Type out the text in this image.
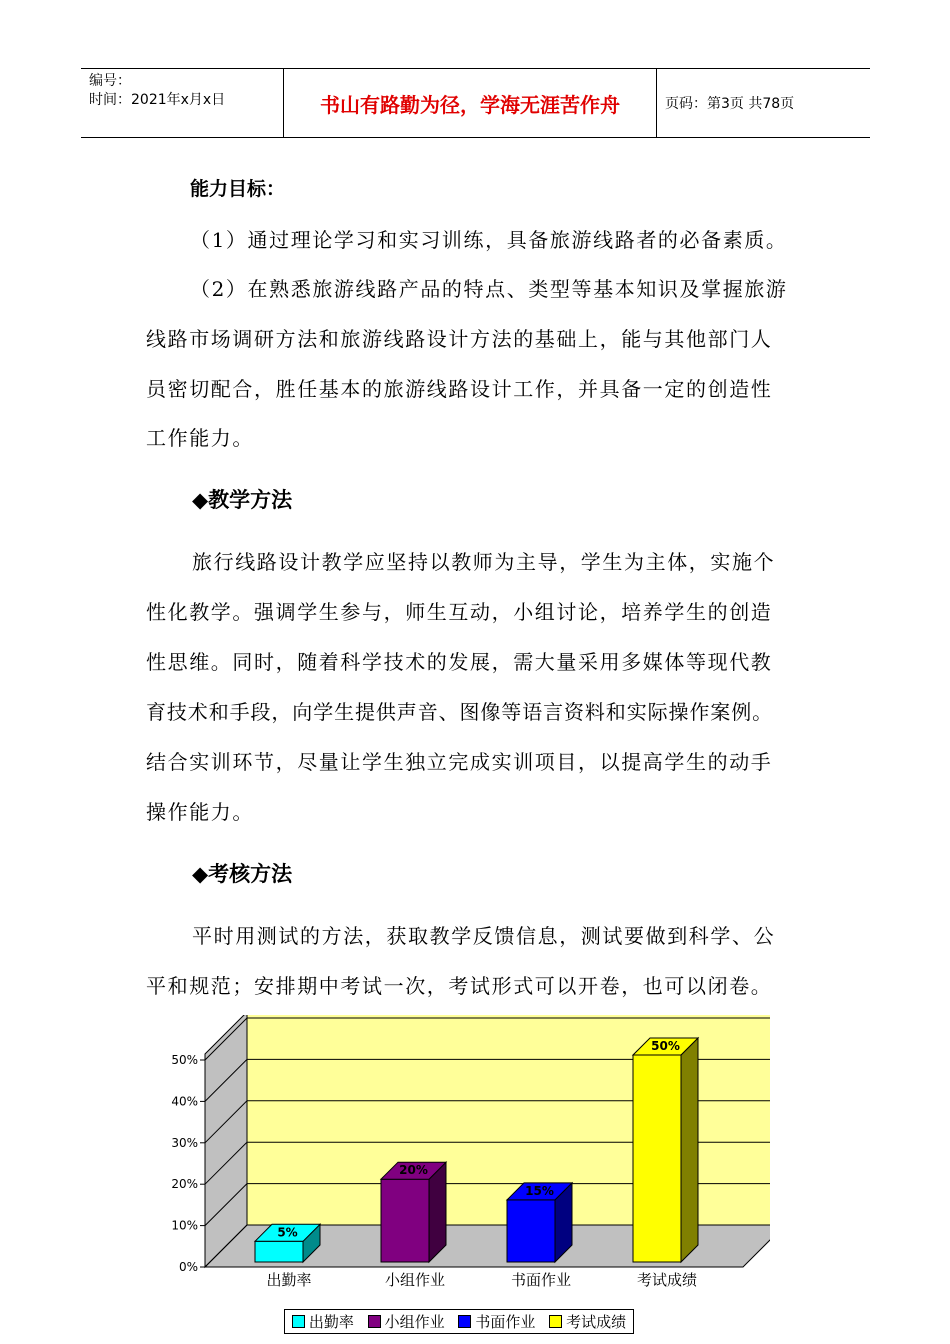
编号：
时间：2021年x月x日	书山有路勤为径，学海无涯苦作舟	页码：第3页 共78页
能力目标：
（1）通过理论学习和实习训练，具备旅游线路者的必备素质。
（2）在熟悉旅游线路产品的特点、类型等基本知识及掌握旅游
线路市场调研方法和旅游线路设计方法的基础上，能与其他部门人
员密切配合，胜任基本的旅游线路设计工作，并具备一定的创造性
工作能力。
◆教学方法
旅行线路设计教学应坚持以教师为主导，学生为主体，实施个
性化教学。强调学生参与，师生互动，小组讨论，培养学生的创造
性思维。同时，随着科学技术的发展，需大量采用多媒体等现代教
育技术和手段，向学生提供声音、图像等语言资料和实际操作案例。
结合实训环节，尽量让学生独立完成实训项目，以提高学生的动手
操作能力。
◆考核方法
平时用测试的方法，获取教学反馈信息，测试要做到科学、公
平和规范；安排期中考试一次，考试形式可以开卷，也可以闭卷。
0%
10%
20%
30%
40%
50%
5%
出勤率
20%
小组作业
15%
书面作业
50%
考试成绩
出勤率 小组作业 书面作业 考试成绩
